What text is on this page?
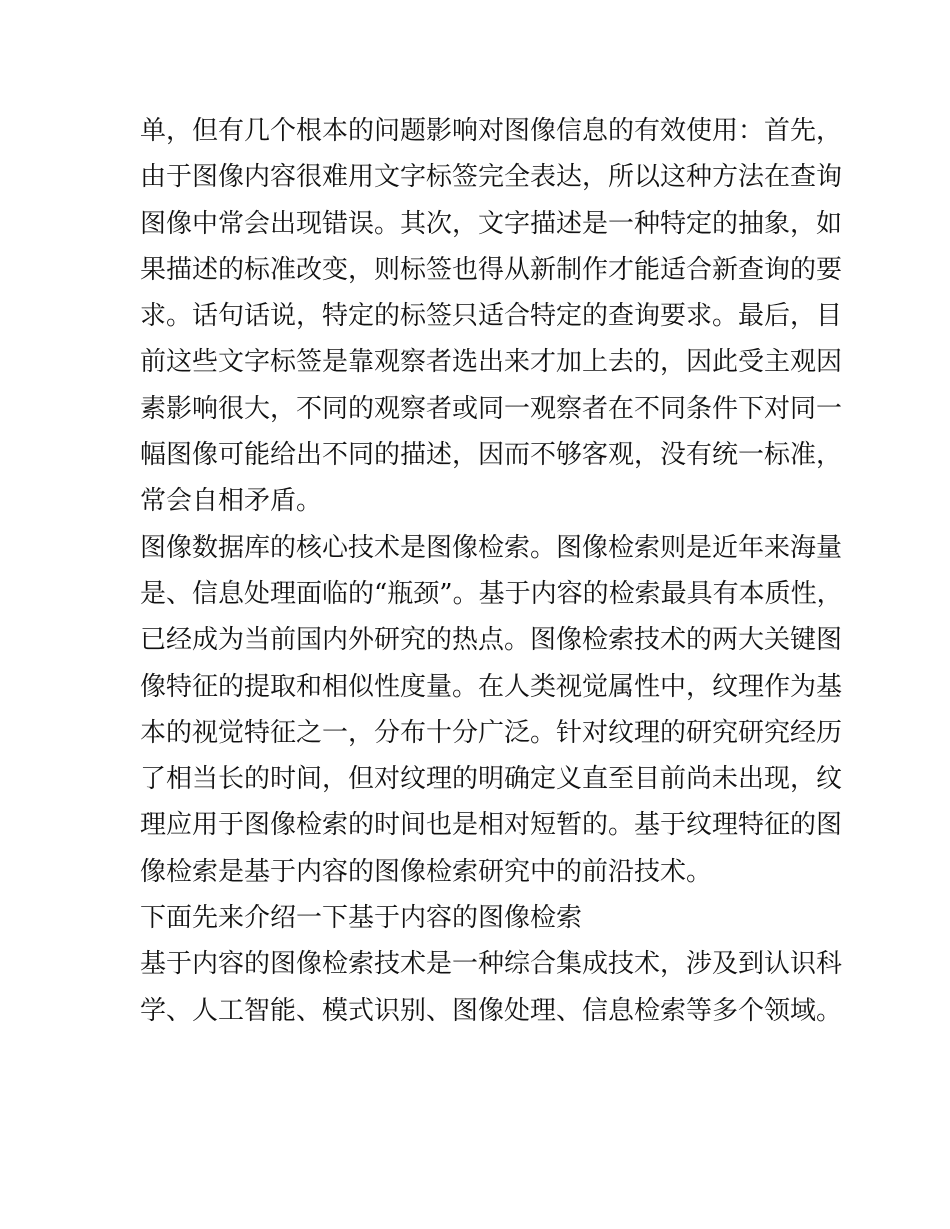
单，但有几个根本的问题影响对图像信息的有效使用：首先，
由于图像内容很难用文字标签完全表达，所以这种方法在查询
图像中常会出现错误。其次，文字描述是一种特定的抽象，如
果描述的标准改变，则标签也得从新制作才能适合新查询的要
求。话句话说，特定的标签只适合特定的查询要求。最后，目
前这些文字标签是靠观察者选出来才加上去的，因此受主观因
素影响很大，不同的观察者或同一观察者在不同条件下对同一
幅图像可能给出不同的描述，因而不够客观，没有统一标准，
常会自相矛盾。
图像数据库的核心技术是图像检索。图像检索则是近年来海量
是、信息处理面临的“瓶颈”。基于内容的检索最具有本质性，
已经成为当前国内外研究的热点。图像检索技术的两大关键图
像特征的提取和相似性度量。在人类视觉属性中，纹理作为基
本的视觉特征之一，分布十分广泛。针对纹理的研究研究经历
了相当长的时间，但对纹理的明确定义直至目前尚未出现，纹
理应用于图像检索的时间也是相对短暂的。基于纹理特征的图
像检索是基于内容的图像检索研究中的前沿技术。
下面先来介绍一下基于内容的图像检索
基于内容的图像检索技术是一种综合集成技术，涉及到认识科
学、人工智能、模式识别、图像处理、信息检索等多个领域。
